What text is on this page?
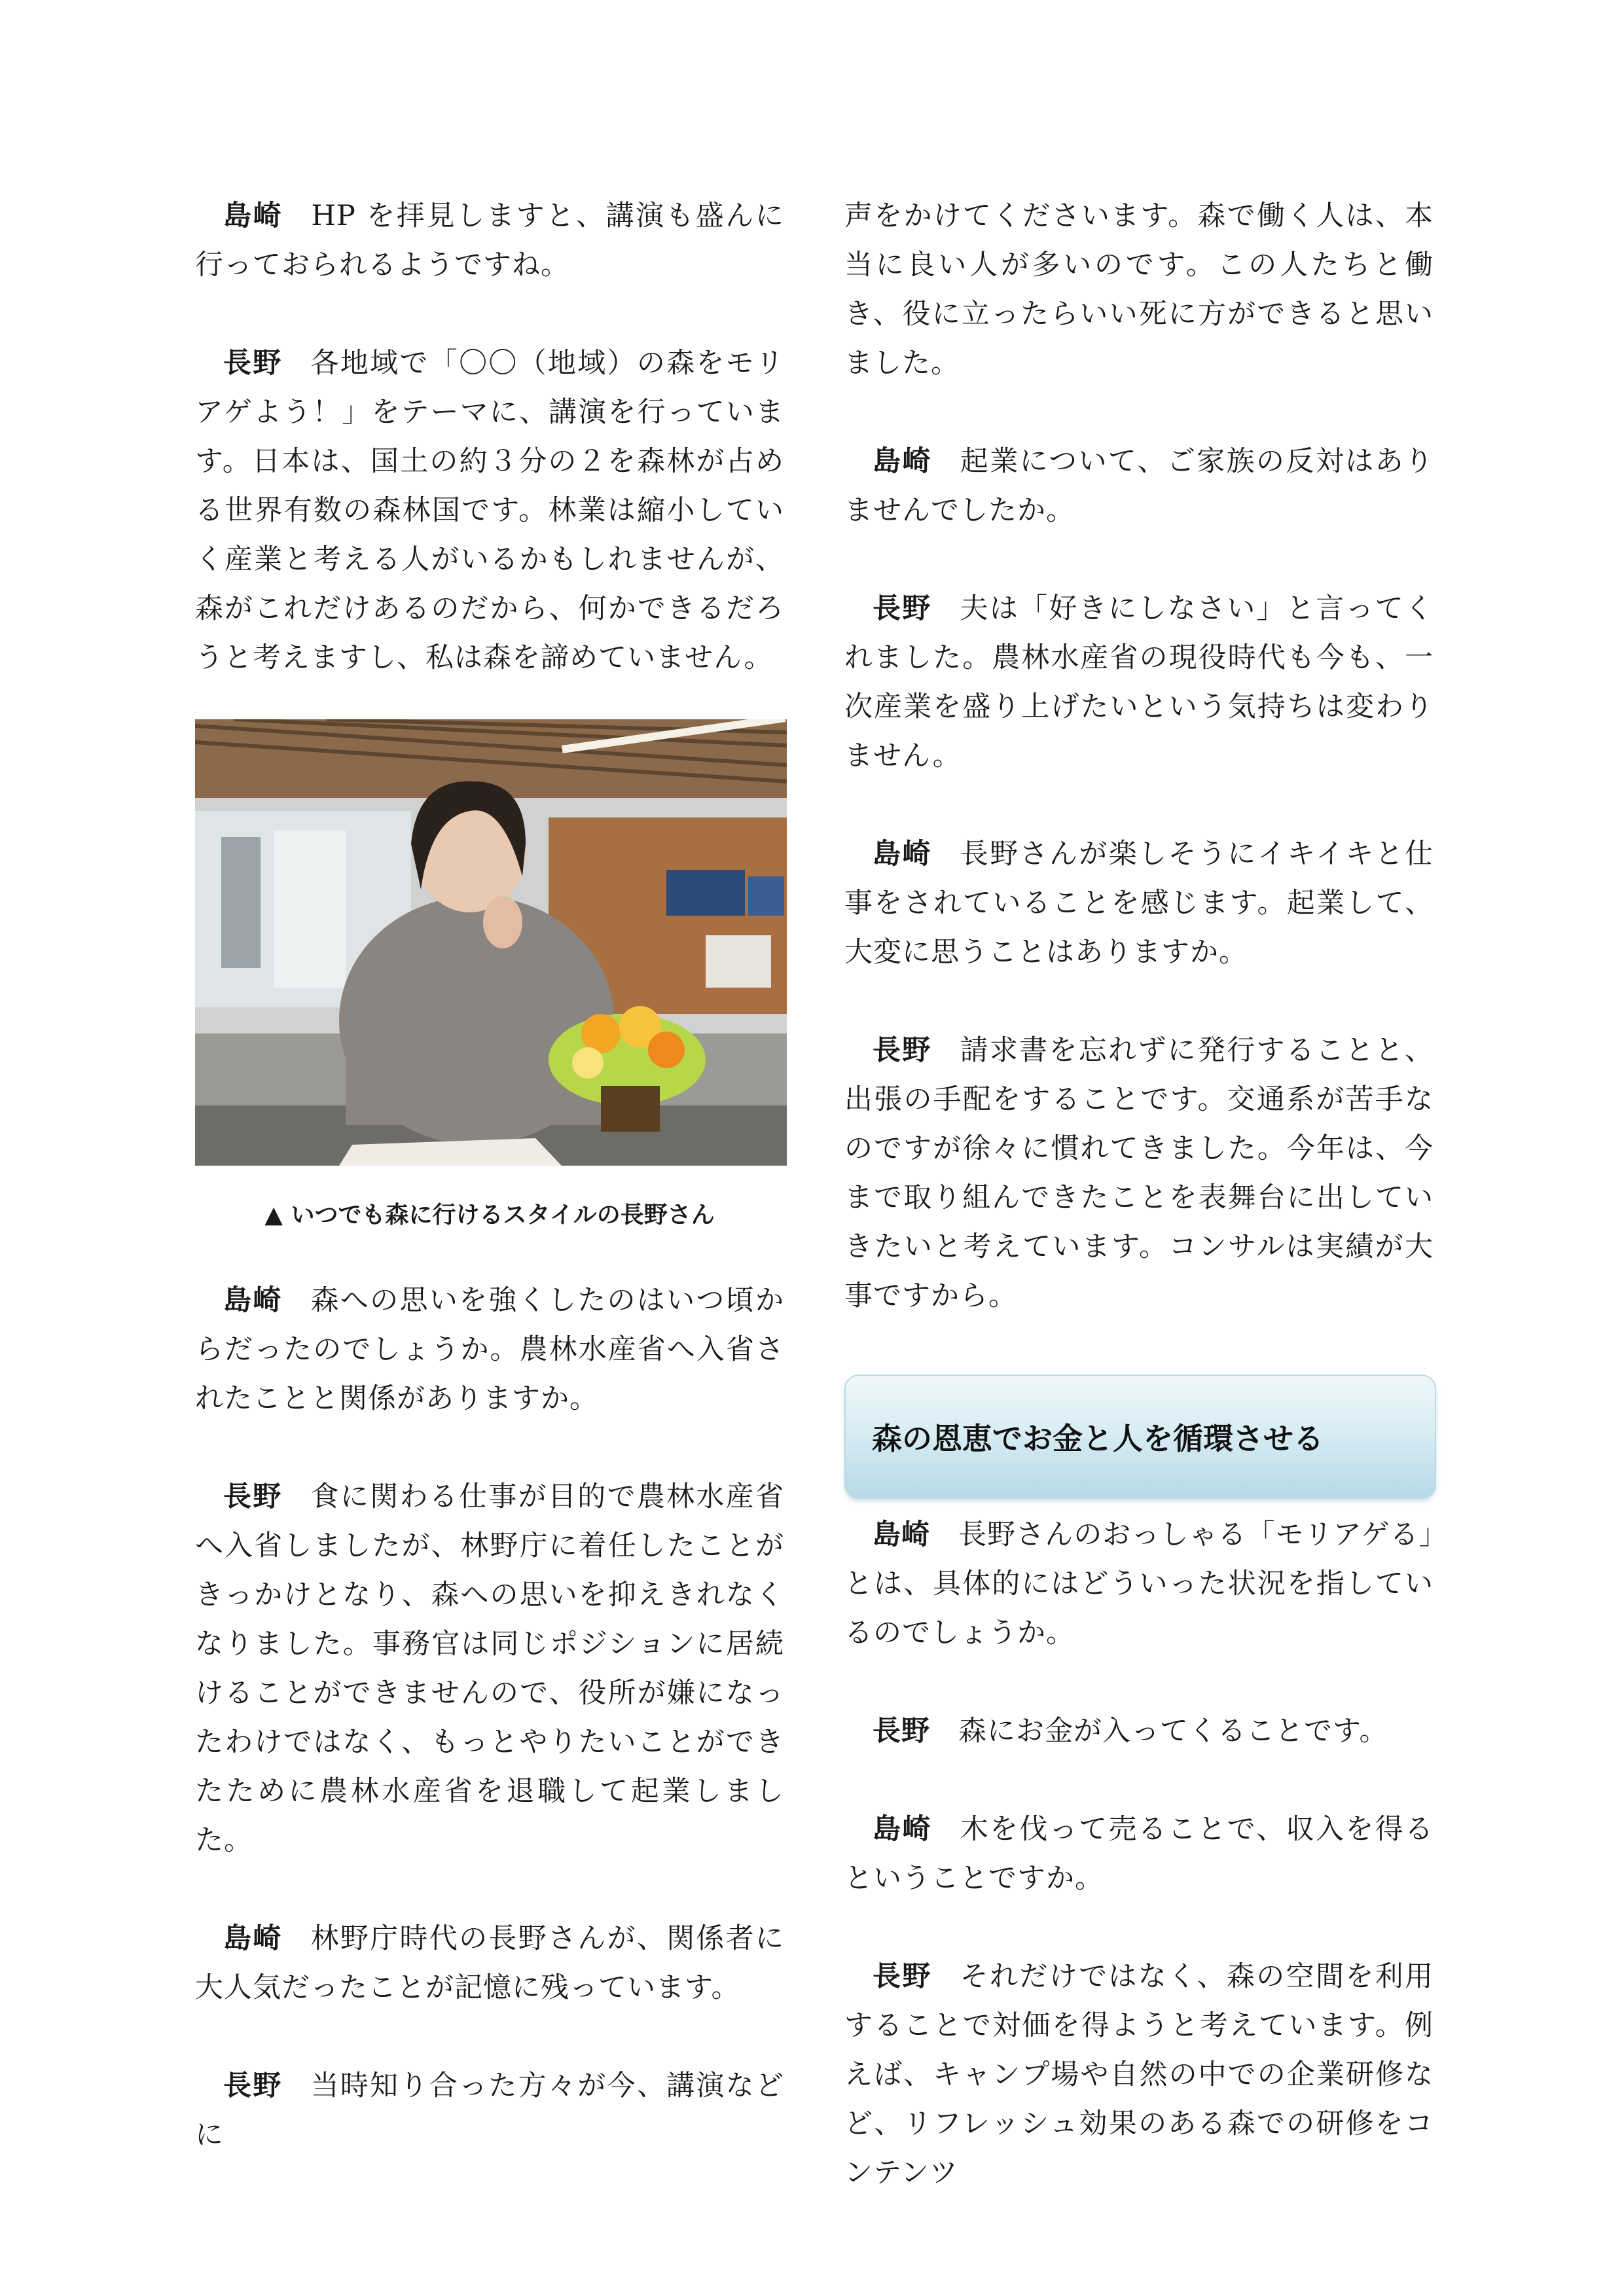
島崎 HP を拝見しますと、講演も盛んに行っておられるようですね。

長野 各地域で「〇〇（地域）の森をモリアゲよう！」をテーマに、講演を行っています。日本は、国土の約３分の２を森林が占める世界有数の森林国です。林業は縮小していく産業と考える人がいるかもしれませんが、森がこれだけあるのだから、何かできるだろうと考えますし、私は森を諦めていません。

▲ いつでも森に行けるスタイルの長野さん

島崎 森への思いを強くしたのはいつ頃からだったのでしょうか。農林水産省へ入省されたことと関係がありますか。

長野 食に関わる仕事が目的で農林水産省へ入省しましたが、林野庁に着任したことがきっかけとなり、森への思いを抑えきれなくなりました。事務官は同じポジションに居続けることができませんので、役所が嫌になったわけではなく、もっとやりたいことができたために農林水産省を退職して起業しました。

島崎 林野庁時代の長野さんが、関係者に大人気だったことが記憶に残っています。

長野 当時知り合った方々が今、講演などに

声をかけてくださいます。森で働く人は、本当に良い人が多いのです。この人たちと働き、役に立ったらいい死に方ができると思いました。

島崎 起業について、ご家族の反対はありませんでしたか。

長野 夫は「好きにしなさい」と言ってくれました。農林水産省の現役時代も今も、一次産業を盛り上げたいという気持ちは変わりません。

島崎 長野さんが楽しそうにイキイキと仕事をされていることを感じます。起業して、大変に思うことはありますか。

長野 請求書を忘れずに発行することと、出張の手配をすることです。交通系が苦手なのですが徐々に慣れてきました。今年は、今まで取り組んできたことを表舞台に出していきたいと考えています。コンサルは実績が大事ですから。

森の恩恵でお金と人を循環させる

島崎 長野さんのおっしゃる「モリアゲる」とは、具体的にはどういった状況を指しているのでしょうか。

長野 森にお金が入ってくることです。

島崎 木を伐って売ることで、収入を得るということですか。

長野 それだけではなく、森の空間を利用することで対価を得ようと考えています。例えば、キャンプ場や自然の中での企業研修など、リフレッシュ効果のある森での研修をコンテンツ
